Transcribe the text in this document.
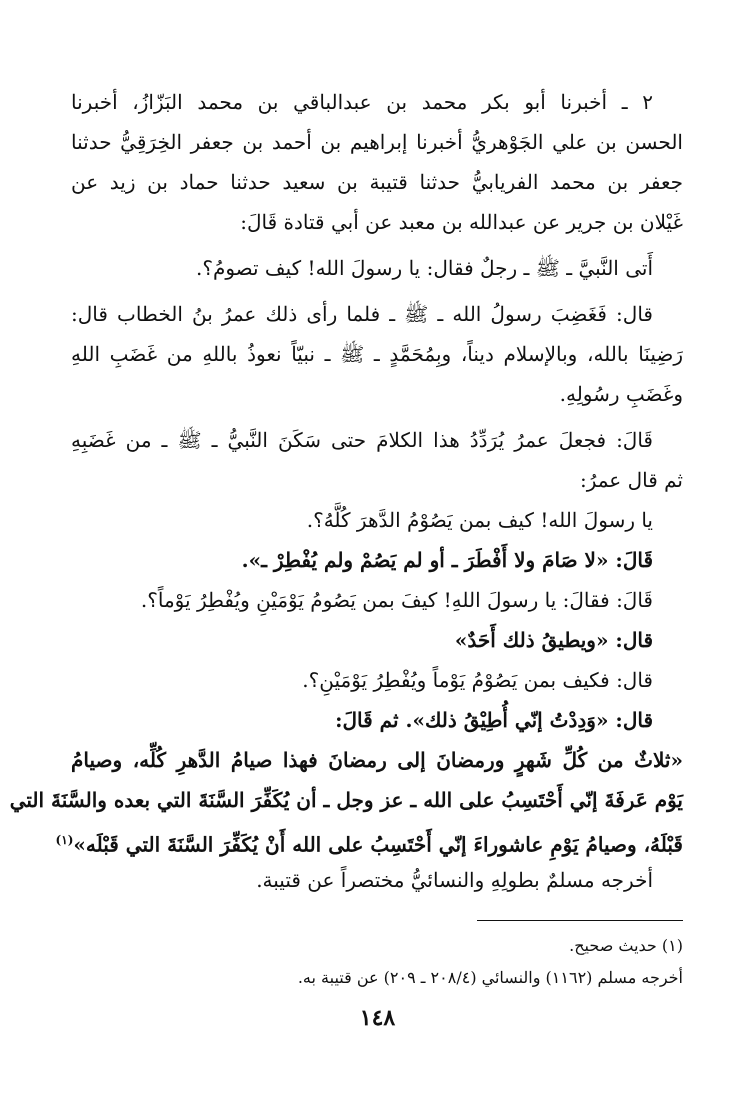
٢ ـ أخبرنا أبو بكر محمد بن عبدالباقي بن محمد البَزّازُ، أخبرنا
الحسن بن علي الجَوْهريُّ أخبرنا إبراهيم بن أحمد بن جعفر الخِرَقِيُّ حدثنا
جعفر بن محمد الفريابيُّ حدثنا قتيبة بن سعيد حدثنا حماد بن زيد عن
غَيْلان بن جرير عن عبدالله بن معبد عن أبي قتادة قَالَ:
أَتى النَّبيَّ ـ ﷺ ـ رجلٌ فقال: يا رسولَ الله! كيف تصومُ؟.
قال: فَغَضِبَ رسولُ الله ـ ﷺ ـ فلما رأى ذلك عمرُ بنُ الخطاب قال:
رَضِينَا بالله، وبالإسلام ديناً، وبِمُحَمَّدٍ ـ ﷺ ـ نبيّاً نعوذُ باللهِ من غَضَبِ اللهِ
وغَضَبِ رسُولِهِ.
قَالَ: فجعلَ عمرُ يُرَدِّدُ هذا الكلامَ حتى سَكَنَ النَّبيُّ ـ ﷺ ـ من غَضَبِهِ
ثم قال عمرُ:
يا رسولَ الله! كيف بمن يَصُوْمُ الدَّهرَ كُلَّهُ؟.
قَالَ: «لا صَامَ ولا أَفْطَرَ ـ أو لم يَصُمْ ولم يُفْطِرْ ـ».
قَالَ: فقالَ: يا رسولَ اللهِ! كيفَ بمن يَصُومُ يَوْمَيْنِ ويُفْطِرُ يَوْماً؟.
قال: «ويطيقُ ذلك أَحَدٌ»
قال: فكيف بمن يَصُوْمُ يَوْماً ويُفْطِرُ يَوْمَيْنِ؟.
قال: «وَدِدْتُ إنّي أُطِيْقُ ذلك». ثم قَالَ:
«ثلاثٌ من كُلِّ شَهرٍ ورمضانَ إلى رمضانَ فهذا صيامُ الدَّهرِ كُلِّه، وصيامُ
يَوْم عَرفَةَ إنّي أَحْتَسِبُ على الله ـ عز وجل ـ أن يُكَفِّرَ السَّنَةَ التي بعده والسَّنَةَ التي
قَبْلَهُ، وصيامُ يَوْمِ عاشوراءَ إنّي أَحْتَسِبُ على الله أَنْ يُكَفِّرَ السَّنَةَ التي قَبْلَه»$^{(١)}$
أخرجه مسلمٌ بطولِهِ والنسائيُّ مختصراً عن قتيبة.
(١) حديث صحيح.
أخرجه مسلم (١١٦٢) والنسائي (٢٠٨/٤ ـ ٢٠٩) عن قتيبة به.
١٤٨
